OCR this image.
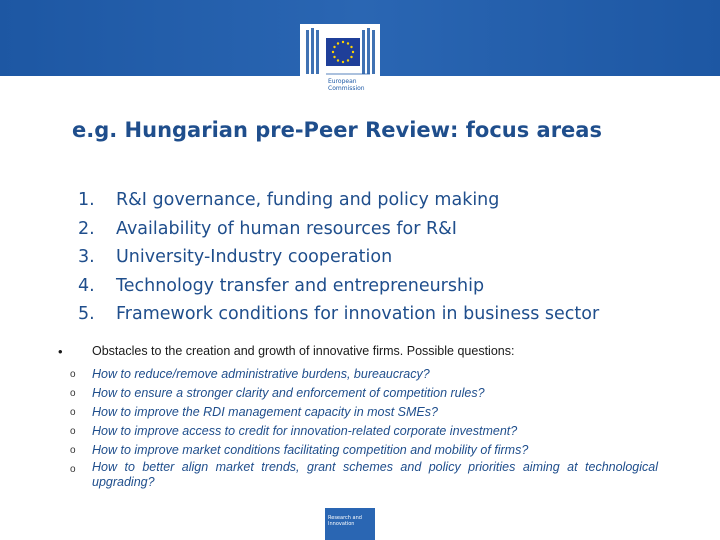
European
Commission
e.g. Hungarian pre-Peer Review: focus areas
1.	R&I governance, funding and policy making
2.	Availability of human resources for R&I
3.	University-Industry cooperation
4.	Technology transfer and entrepreneurship
5.	Framework conditions for innovation in business sector
•	Obstacles to the creation and growth of innovative firms. Possible questions:
o	How to reduce/remove administrative burdens, bureaucracy?
o	How to ensure a stronger clarity and enforcement of competition rules?
o	How to improve the RDI management capacity in most SMEs?
o	How to improve access to credit for innovation-related corporate investment?
o	How to improve market conditions facilitating competition and mobility of firms?
o	How to better align market trends, grant schemes and policy priorities aiming at technological upgrading?
Research and
Innovation
